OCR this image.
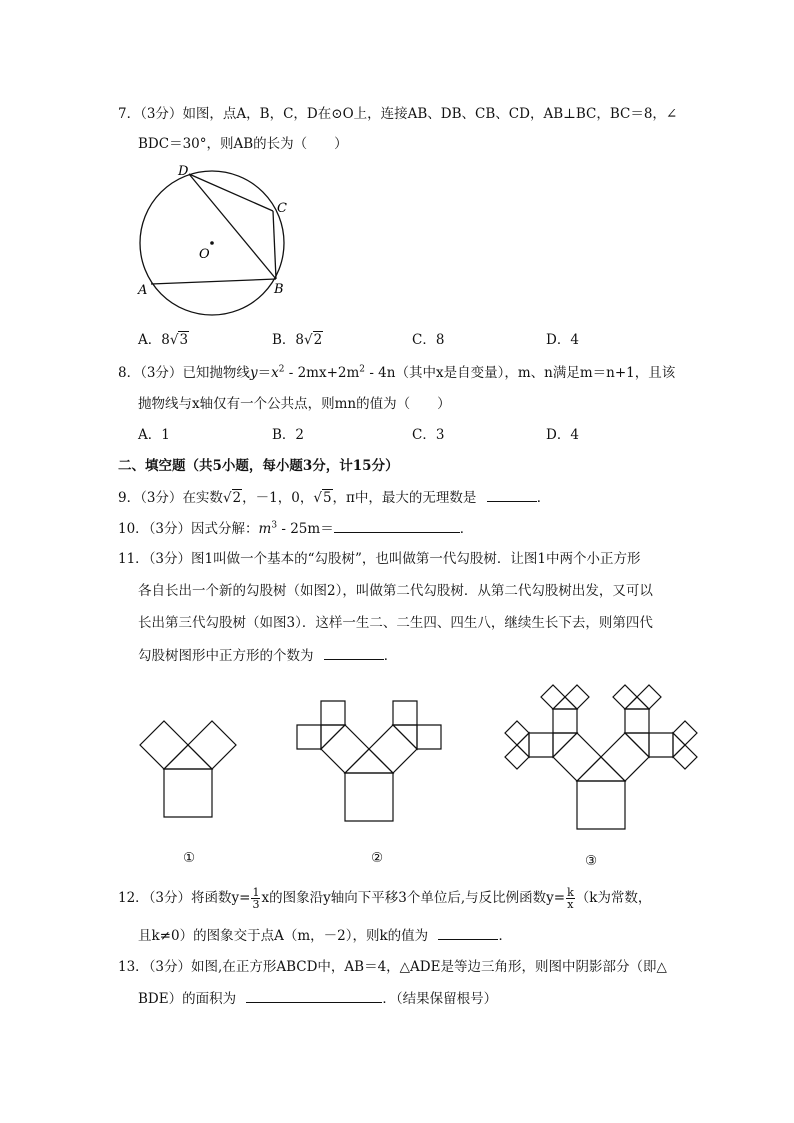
7．（3分）如图，点A，B，C，D在⊙O上，连接AB、DB、CB、CD，AB⊥BC，BC＝8，∠
BDC＝30°，则AB的长为（　　）
D
C
O
A	B
A．8√3	B．8√2	C．8	D．4
8．（3分）已知抛物线$y=x^2 - 2mx+2m^2 - 4n$（其中x是自变量），m、n满足m＝n+1，且该
抛物线与x轴仅有一个公共点，则mn的值为（　　）
A．1	B．2	C．3	D．4
二、填空题（共5小题，每小题3分，计15分）
9．（3分）在实数√2，－1，0，√5，π中，最大的无理数是	．
10．（3分）因式分解：$m^3 - 25m=$	．
11．（3分）图1叫做一个基本的“勾股树”，也叫做第一代勾股树．让图1中两个小正方形
各自长出一个新的勾股树（如图2），叫做第二代勾股树．从第二代勾股树出发，又可以
长出第三代勾股树（如图3）．这样一生二、二生四、四生八，继续生长下去，则第四代
勾股树图形中正方形的个数为	．
①	②	③
12．（3分）将函数$y= \frac{1}{3}$ x的图象沿y轴向下平移3个单位后,与反比例函数$y= \frac{k}{x} (k$为常数，
且k≠0）的图象交于点A（m，－2），则k的值为	．
13．（3分）如图,在正方形ABCD中，AB＝4，△ADE是等边三角形，则图中阴影部分（即△
BDE）的面积为	．（结果保留根号）
